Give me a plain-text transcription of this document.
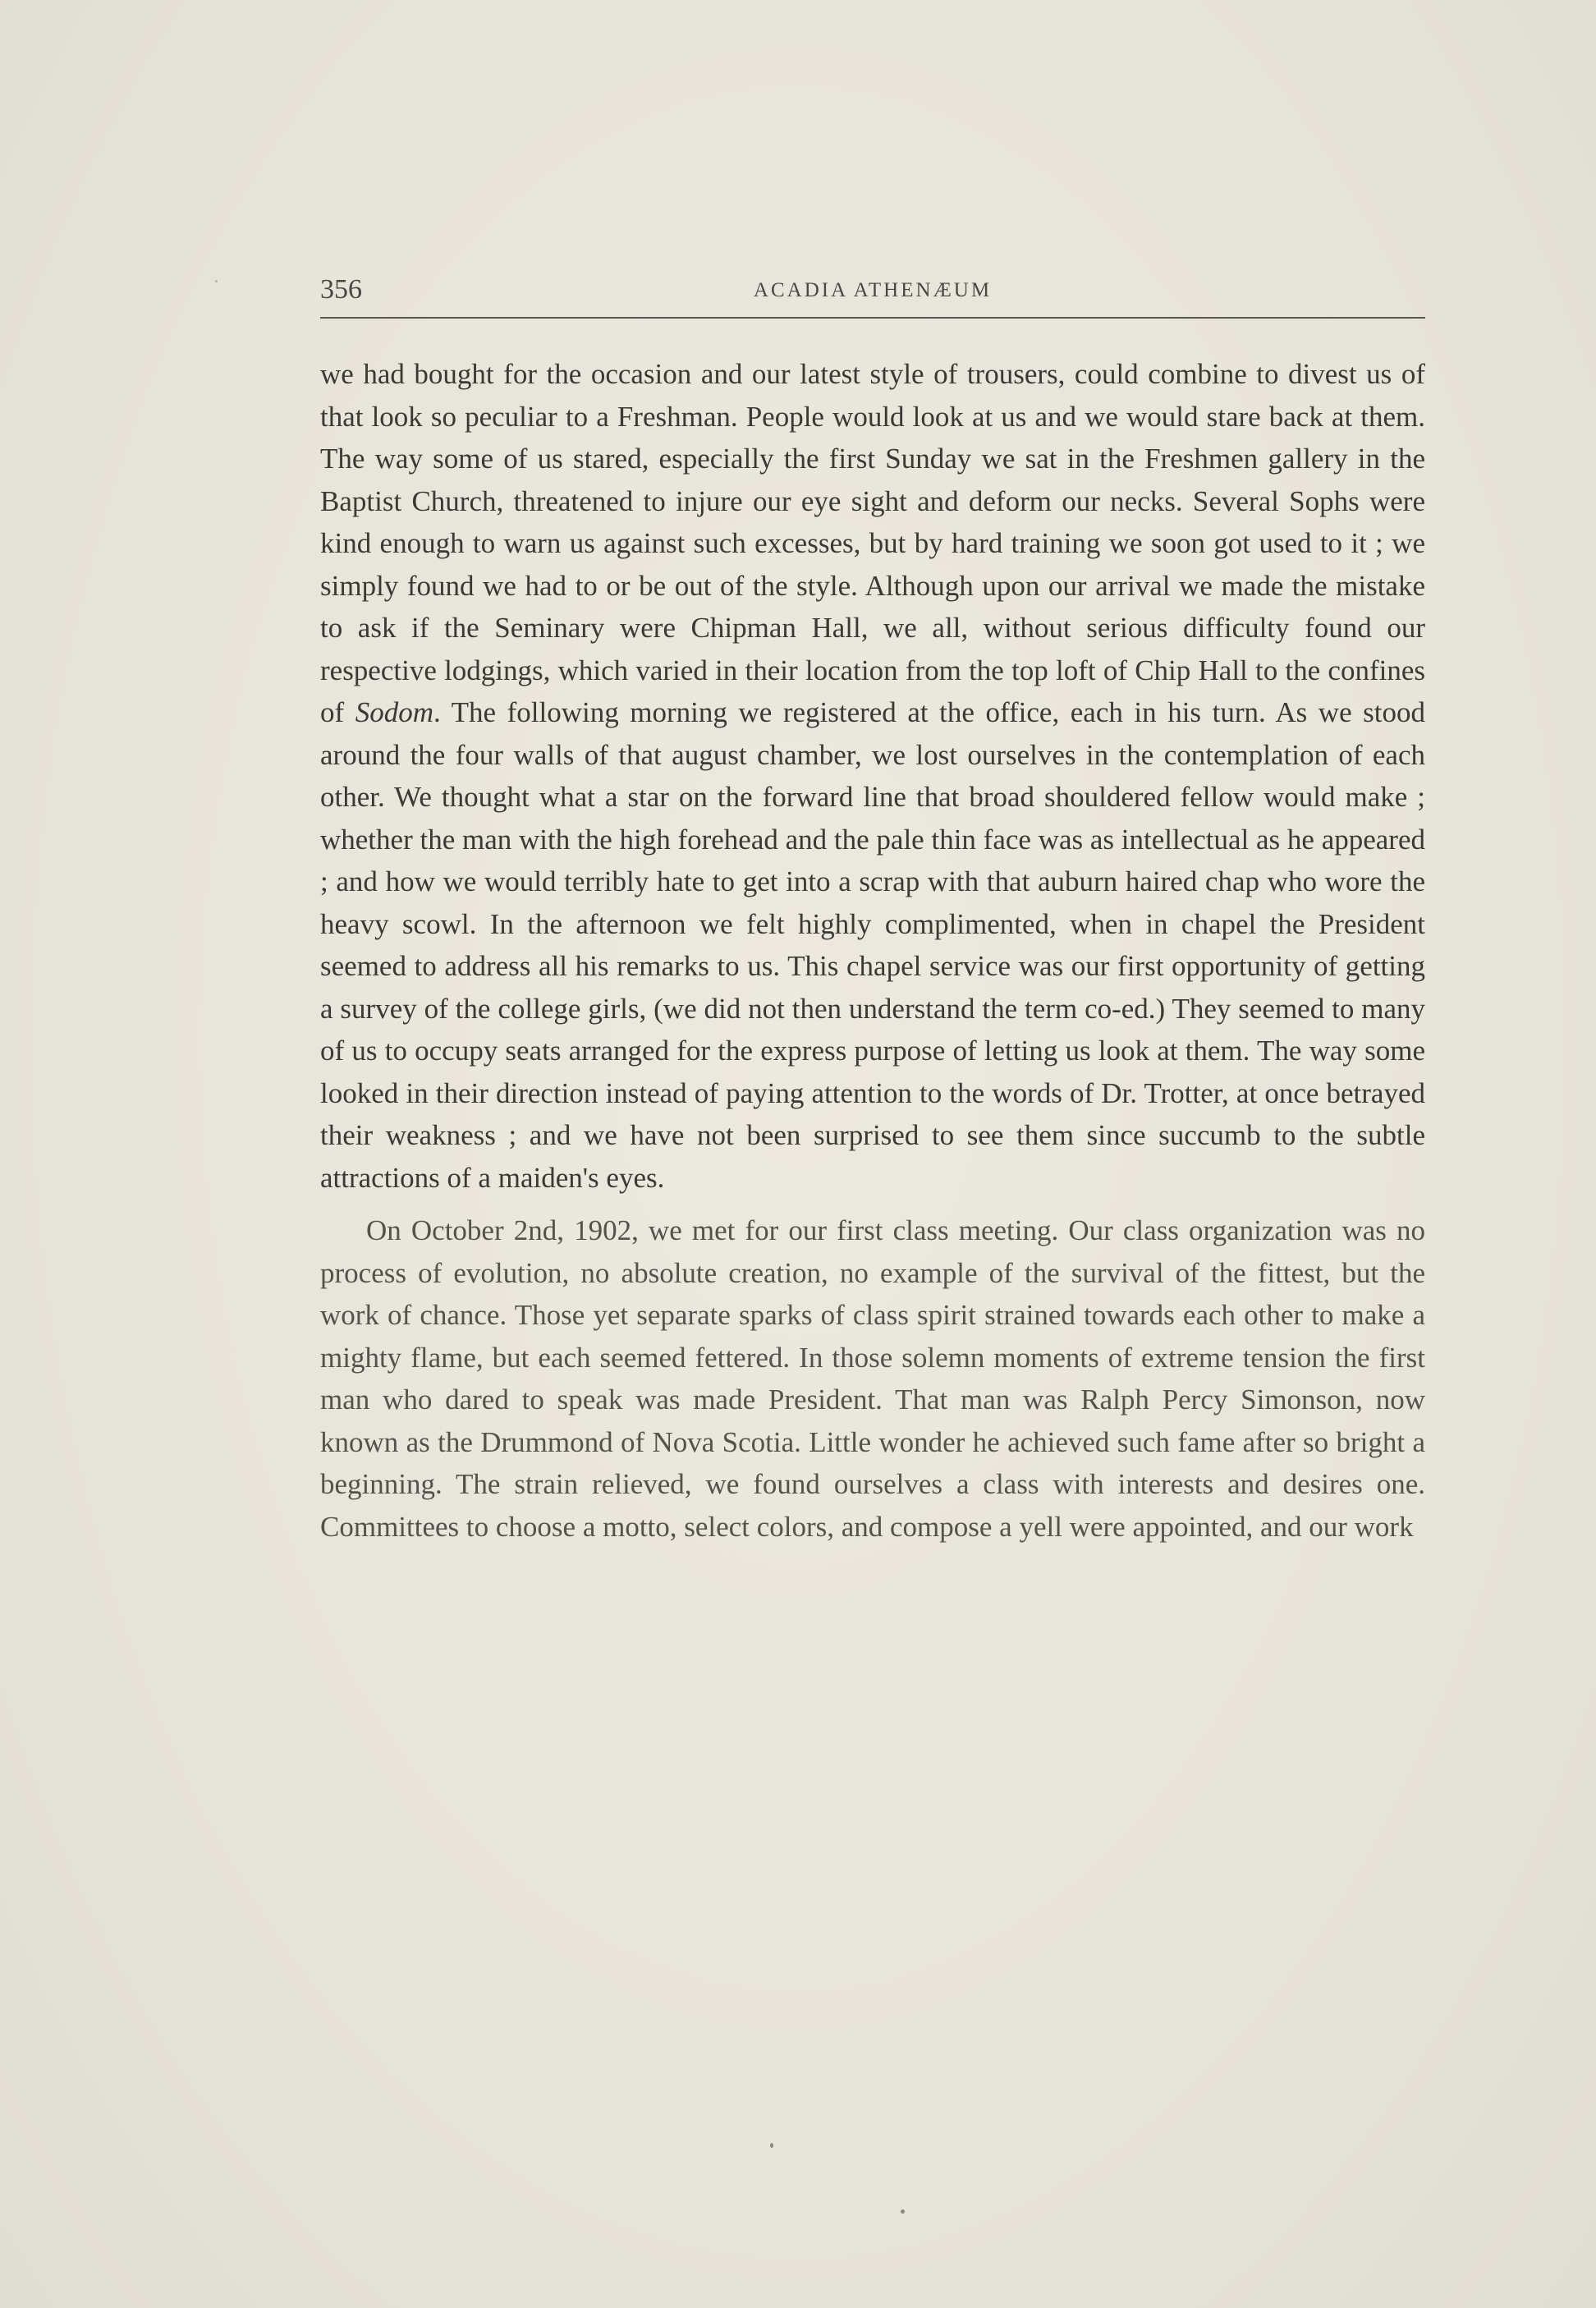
356	ACADIA ATHENÆUM

we had bought for the occasion and our latest style of trousers, could combine to divest us of that look so peculiar to a Freshman. People would look at us and we would stare back at them. The way some of us stared, especially the first Sunday we sat in the Freshmen gallery in the Baptist Church, threatened to injure our eye sight and deform our necks. Several Sophs were kind enough to warn us against such excesses, but by hard training we soon got used to it ; we simply found we had to or be out of the style. Although upon our arrival we made the mistake to ask if the Seminary were Chipman Hall, we all, without serious difficulty found our respective lodgings, which varied in their location from the top loft of Chip Hall to the confines of Sodom. The following morning we registered at the office, each in his turn. As we stood around the four walls of that august chamber, we lost ourselves in the contemplation of each other. We thought what a star on the forward line that broad shouldered fellow would make ; whether the man with the high forehead and the pale thin face was as intellectual as he appeared ; and how we would terribly hate to get into a scrap with that auburn haired chap who wore the heavy scowl. In the afternoon we felt highly complimented, when in chapel the President seemed to address all his remarks to us. This chapel service was our first opportunity of getting a survey of the college girls, (we did not then understand the term co-ed.) They seemed to many of us to occupy seats arranged for the express purpose of letting us look at them. The way some looked in their direction instead of paying attention to the words of Dr. Trotter, at once betrayed their weakness ; and we have not been surprised to see them since succumb to the subtle attractions of a maiden's eyes.

On October 2nd, 1902, we met for our first class meeting. Our class organization was no process of evolution, no absolute creation, no example of the survival of the fittest, but the work of chance. Those yet separate sparks of class spirit strained towards each other to make a mighty flame, but each seemed fettered. In those solemn moments of extreme tension the first man who dared to speak was made President. That man was Ralph Percy Simonson, now known as the Drummond of Nova Scotia. Little wonder he achieved such fame after so bright a beginning. The strain relieved, we found ourselves a class with interests and desires one. Committees to choose a motto, select colors, and compose a yell were appointed, and our work
